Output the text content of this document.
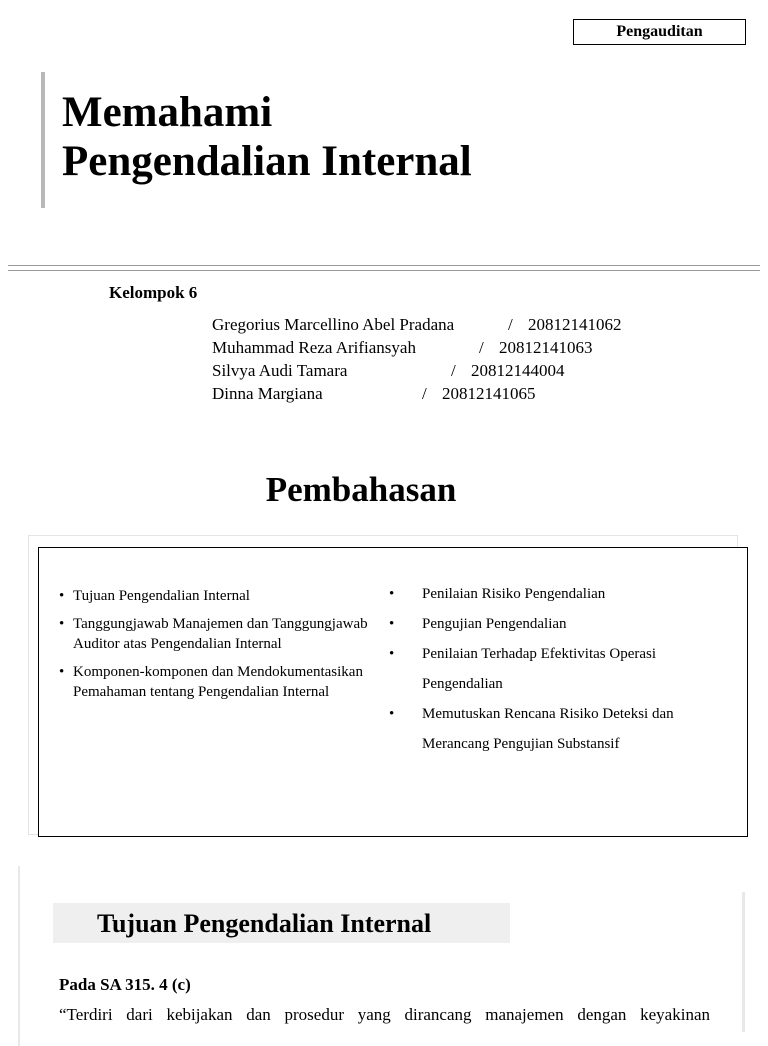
Pengauditan
Memahami
Pengendalian Internal
Kelompok 6
Gregorius Marcellino Abel Pradana	/ 20812141062
Muhammad Reza Arifiansyah	/ 20812141063
Silvya Audi Tamara	/ 20812144004
Dinna Margiana	/ 20812141065
Pembahasan
• Tujuan Pengendalian Internal
• Tanggungjawab Manajemen dan Tanggungjawab Auditor atas Pengendalian Internal
• Komponen-komponen dan Mendokumentasikan Pemahaman tentang Pengendalian Internal
• Penilaian Risiko Pengendalian
• Pengujian Pengendalian
• Penilaian Terhadap Efektivitas Operasi Pengendalian
• Memutuskan Rencana Risiko Deteksi dan Merancang Pengujian Substansif
Tujuan Pengendalian Internal
Pada SA 315. 4 (c)
“Terdiri dari kebijakan dan prosedur yang dirancang manajemen dengan keyakinan
